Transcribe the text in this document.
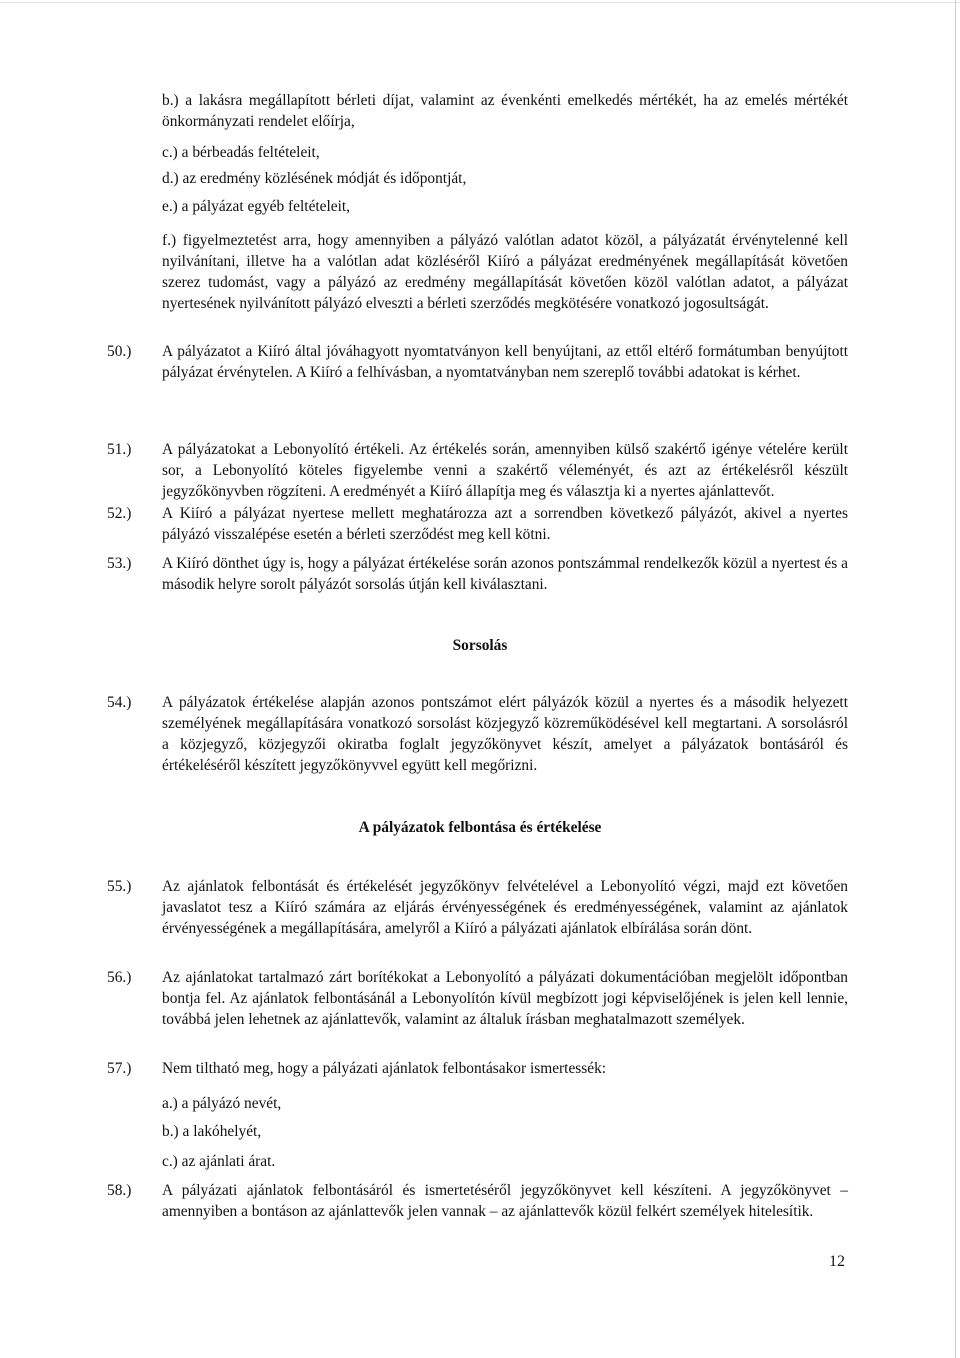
b.) a lakásra megállapított bérleti díjat, valamint az évenkénti emelkedés mértékét, ha az emelés mértékét önkormányzati rendelet előírja,
c.) a bérbeadás feltételeit,
d.) az eredmény közlésének módját és időpontját,
e.) a pályázat egyéb feltételeit,
f.) figyelmeztetést arra, hogy amennyiben a pályázó valótlan adatot közöl, a pályázatát érvénytelenné kell nyilvánítani, illetve ha a valótlan adat közléséről Kiíró a pályázat eredményének megállapítását követően szerez tudomást, vagy a pályázó az eredmény megállapítását követően közöl valótlan adatot, a pályázat nyertesének nyilvánított pályázó elveszti a bérleti szerződés megkötésére vonatkozó jogosultságát.
50.) A pályázatot a Kiíró által jóváhagyott nyomtatványon kell benyújtani, az ettől eltérő formátumban benyújtott pályázat érvénytelen. A Kiíró a felhívásban, a nyomtatványban nem szereplő további adatokat is kérhet.
51.) A pályázatokat a Lebonyolító értékeli. Az értékelés során, amennyiben külső szakértő igénye vételére került sor, a Lebonyolító köteles figyelembe venni a szakértő véleményét, és azt az értékelésről készült jegyzőkönyvben rögzíteni. A eredményét a Kiíró állapítja meg és választja ki a nyertes ajánlattevőt.
52.) A Kiíró a pályázat nyertese mellett meghatározza azt a sorrendben következő pályázót, akivel a nyertes pályázó visszalépése esetén a bérleti szerződést meg kell kötni.
53.) A Kiíró dönthet úgy is, hogy a pályázat értékelése során azonos pontszámmal rendelkezők közül a nyertest és a második helyre sorolt pályázót sorsolás útján kell kiválasztani.
Sorsolás
54.) A pályázatok értékelése alapján azonos pontszámot elért pályázók közül a nyertes és a második helyezett személyének megállapítására vonatkozó sorsolást közjegyző közreműködésével kell megtartani. A sorsolásról a közjegyző, közjegyzői okiratba foglalt jegyzőkönyvet készít, amelyet a pályázatok bontásáról és értékeléséről készített jegyzőkönyvvel együtt kell megőrizni.
A pályázatok felbontása és értékelése
55.) Az ajánlatok felbontását és értékelését jegyzőkönyv felvételével a Lebonyolító végzi, majd ezt követően javaslatot tesz a Kiíró számára az eljárás érvényességének és eredményességének, valamint az ajánlatok érvényességének a megállapítására, amelyről a Kiíró a pályázati ajánlatok elbírálása során dönt.
56.) Az ajánlatokat tartalmazó zárt borítékokat a Lebonyolító a pályázati dokumentációban megjelölt időpontban bontja fel. Az ajánlatok felbontásánál a Lebonyolítón kívül megbízott jogi képviselőjének is jelen kell lennie, továbbá jelen lehetnek az ajánlattevők, valamint az általuk írásban meghatalmazott személyek.
57.) Nem tiltható meg, hogy a pályázati ajánlatok felbontásakor ismertessék:
a.) a pályázó nevét,
b.) a lakóhelyét,
c.) az ajánlati árat.
58.) A pályázati ajánlatok felbontásáról és ismertetéséről jegyzőkönyvet kell készíteni. A jegyzőkönyvet – amennyiben a bontáson az ajánlattevők jelen vannak – az ajánlattevők közül felkért személyek hitelesítik.
12
